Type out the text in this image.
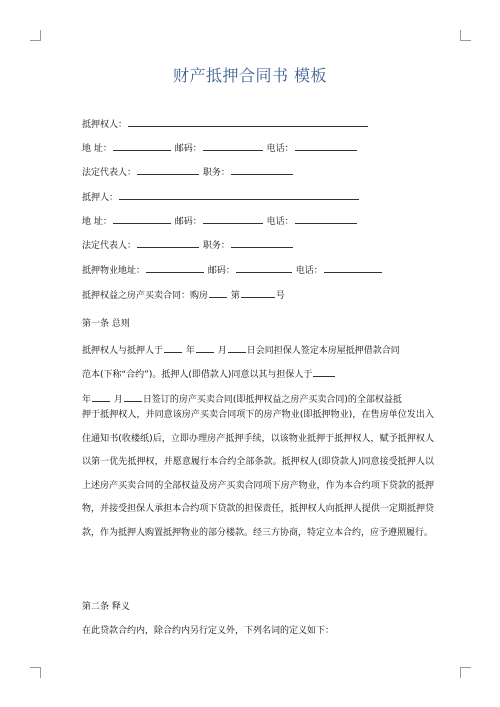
财产抵押合同书 模板
抵押权人：
地 址：	邮码：	电话：
法定代表人：	职务：
抵押人：
地 址：	邮码：	电话：
法定代表人：	职务：
抵押物业地址：	邮码：	电话：
抵押权益之房产买卖合同：购房	第	号
第一条 总则
抵押权人与抵押人于	年	月 日会同担保人签定本房屋抵押借款合同
范本(下称“合约”)。抵押人(即借款人)同意以其与担保人于
年	月 日签订的房产买卖合同(即抵押权益之房产买卖合同)的全部权益抵
押于抵押权人，并同意该房产买卖合同项下的房产物业(即抵押物业)，在售房单位发出入住通知书(收楼纸)后，立即办理房产抵押手续，以该物业抵押于抵押权人，赋予抵押权人以第一优先抵押权，并愿意履行本合约全部条款。抵押权人(即贷款人)同意接受抵押人以上述房产买卖合同的全部权益及房产买卖合同项下房产物业，作为本合约项下贷款的抵押物，并接受担保人承担本合约项下贷款的担保责任，抵押权人向抵押人提供一定期抵押贷款，作为抵押人购置抵押物业的部分楼款。经三方协商，特定立本合约，应予遵照履行。
第二条 释义
在此贷款合约内，除合约内另行定义外，下列名词的定义如下：
